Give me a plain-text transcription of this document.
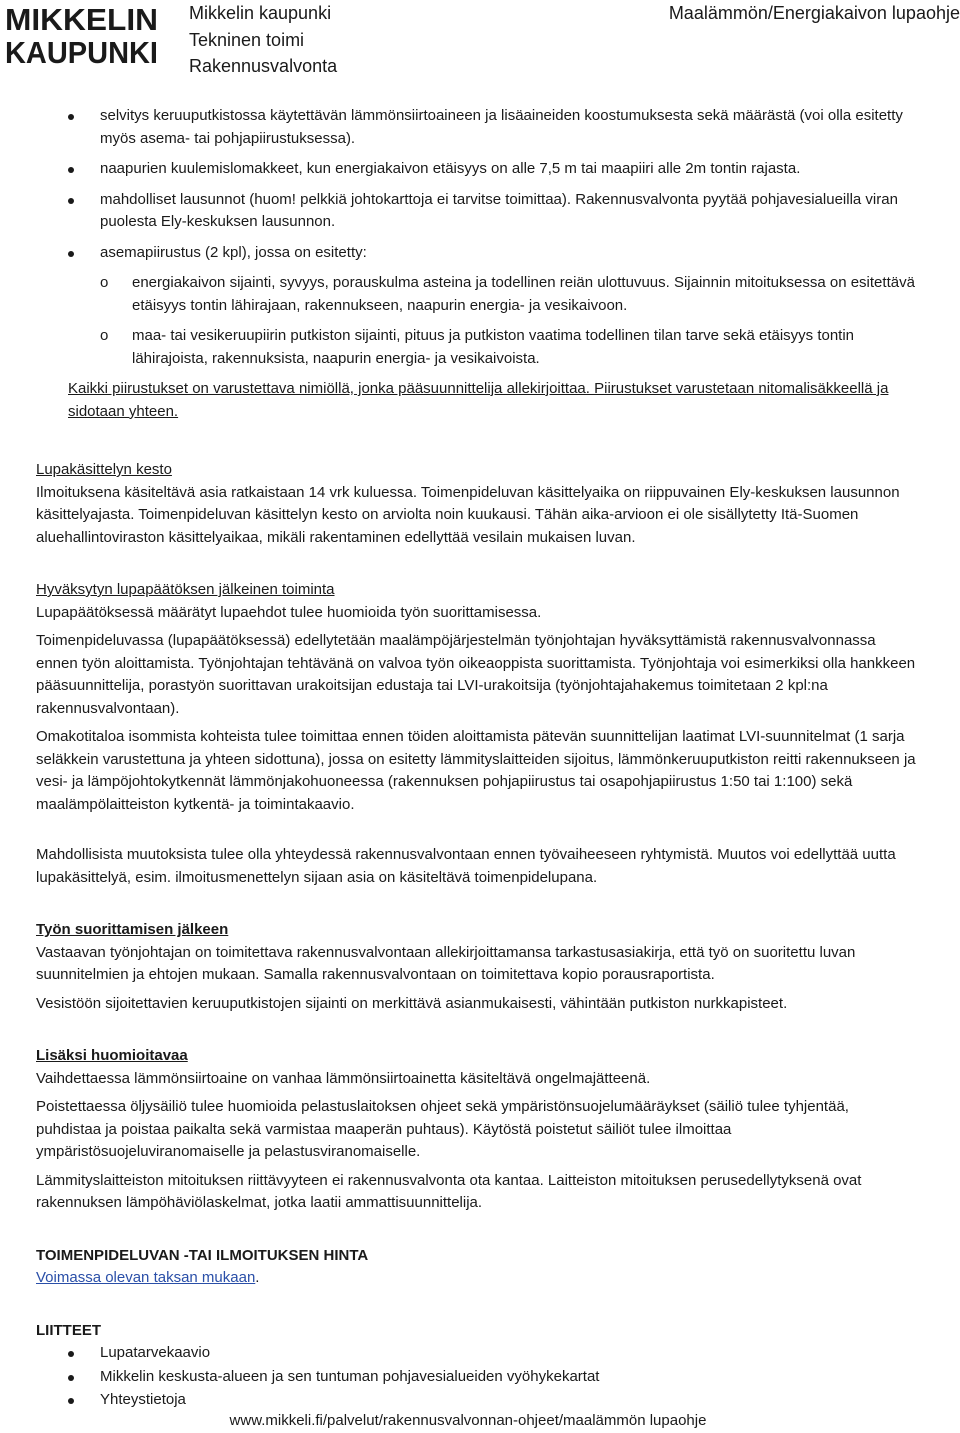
MIKKELIN
KAUPUNKI
Mikkelin kaupunki
Tekninen toimi
Rakennusvalvonta
Maalämmön/Energiakaivon lupaohje
selvitys keruuputkistossa käytettävän lämmönsiirtoaineen ja lisäaineiden koostumuksesta sekä määrästä (voi olla esitetty myös asema- tai pohjapiirustuksessa).
naapurien kuulemislomakkeet, kun energiakaivon etäisyys on alle 7,5 m tai maapiiri alle 2m tontin rajasta.
mahdolliset lausunnot (huom! pelkkiä johtokarttoja ei tarvitse toimittaa). Rakennusvalvonta pyytää pohjavesialueilla viran puolesta Ely-keskuksen lausunnon.
asemapiirustus (2 kpl), jossa on esitetty:
o energiakaivon sijainti, syvyys, porauskulma asteina ja todellinen reiän ulottuvuus. Sijainnin mitoituksessa on esitettävä etäisyys tontin lähirajaan, rakennukseen, naapurin energia- ja vesikaivoon.
o maa- tai vesikeruupiirin putkiston sijainti, pituus ja putkiston vaatima todellinen tilan tarve sekä etäisyys tontin lähirajoista, rakennuksista, naapurin energia- ja vesikaivoista.

Kaikki piirustukset on varustettava nimiöllä, jonka pääsuunnittelija allekirjoittaa. Piirustukset varustetaan nitomalisäkkeellä ja sidotaan yhteen.

Lupakäsittelyn kesto

Ilmoituksena käsiteltävä asia ratkaistaan 14 vrk kuluessa. Toimenpideluvan käsittelyaika on riippuvainen Ely-keskuksen lausunnon käsittelyajasta. Toimenpideluvan käsittelyn kesto on arviolta noin kuukausi. Tähän aika-arvioon ei ole sisällytetty Itä-Suomen aluehallintoviraston käsittelyaikaa, mikäli rakentaminen edellyttää vesilain mukaisen luvan.

Hyväksytyn lupapäätöksen jälkeinen toiminta

Lupapäätöksessä määrätyt lupaehdot tulee huomioida työn suorittamisessa.

Toimenpideluvassa (lupapäätöksessä) edellytetään maalämpöjärjestelmän työnjohtajan hyväksyttämistä rakennusvalvonnassa ennen työn aloittamista. Työnjohtajan tehtävänä on valvoa työn oikeaoppista suorittamista. Työnjohtaja voi esimerkiksi olla hankkeen pääsuunnittelija, porastyön suorittavan urakoitsijan edustaja tai LVI-urakoitsija (työnjohtajahakemus toimitetaan 2 kpl:na rakennusvalvontaan).

Omakotitaloa isommista kohteista tulee toimittaa ennen töiden aloittamista pätevän suunnittelijan laatimat LVI-suunnitelmat (1 sarja seläkkein varustettuna ja yhteen sidottuna), jossa on esitetty lämmityslaitteiden sijoitus, lämmönkeruuputkiston reitti rakennukseen ja vesi- ja lämpöjohtokytkennät lämmönjakohuoneessa (rakennuksen pohjapiirustus tai osapohjapiirustus 1:50 tai 1:100) sekä maalämpölaitteiston kytkentä- ja toimintakaavio.

Mahdollisista muutoksista tulee olla yhteydessä rakennusvalvontaan ennen työvaiheeseen ryhtymistä. Muutos voi edellyttää uutta lupakäsittelyä, esim. ilmoitusmenettelyn sijaan asia on käsiteltävä toimenpidelupana.

Työn suorittamisen jälkeen

Vastaavan työnjohtajan on toimitettava rakennusvalvontaan allekirjoittamansa tarkastusasiakirja, että työ on suoritettu luvan suunnitelmien ja ehtojen mukaan. Samalla rakennusvalvontaan on toimitettava kopio porausraportista.

Vesistöön sijoitettavien keruuputkistojen sijainti on merkittävä asianmukaisesti, vähintään putkiston nurkkapisteet.

Lisäksi huomioitavaa

Vaihdettaessa lämmönsiirtoaine on vanhaa lämmönsiirtoainetta käsiteltävä ongelmajätteenä.

Poistettaessa öljysäiliö tulee huomioida pelastuslaitoksen ohjeet sekä ympäristönsuojelumääräykset (säiliö tulee tyhjentää, puhdistaa ja poistaa paikalta sekä varmistaa maaperän puhtaus). Käytöstä poistetut säiliöt tulee ilmoittaa ympäristösuojeluviranomaiselle ja pelastusviranomaiselle.

Lämmityslaitteiston mitoituksen riittävyyteen ei rakennusvalvonta ota kantaa. Laitteiston mitoituksen perusedellytyksenä ovat rakennuksen lämpöhäviölaskelmat, jotka laatii ammattisuunnittelija.

TOIMENPIDELUVAN -TAI ILMOITUKSEN HINTA

Voimassa olevan taksan mukaan.

LIITTEET

Lupatarvekaavio
Mikkelin keskusta-alueen ja sen tuntuman pohjavesialueiden vyöhykekartat
Yhteystietoja
www.mikkeli.fi/palvelut/rakennusvalvonnan-ohjeet/maalämmön lupaohje
